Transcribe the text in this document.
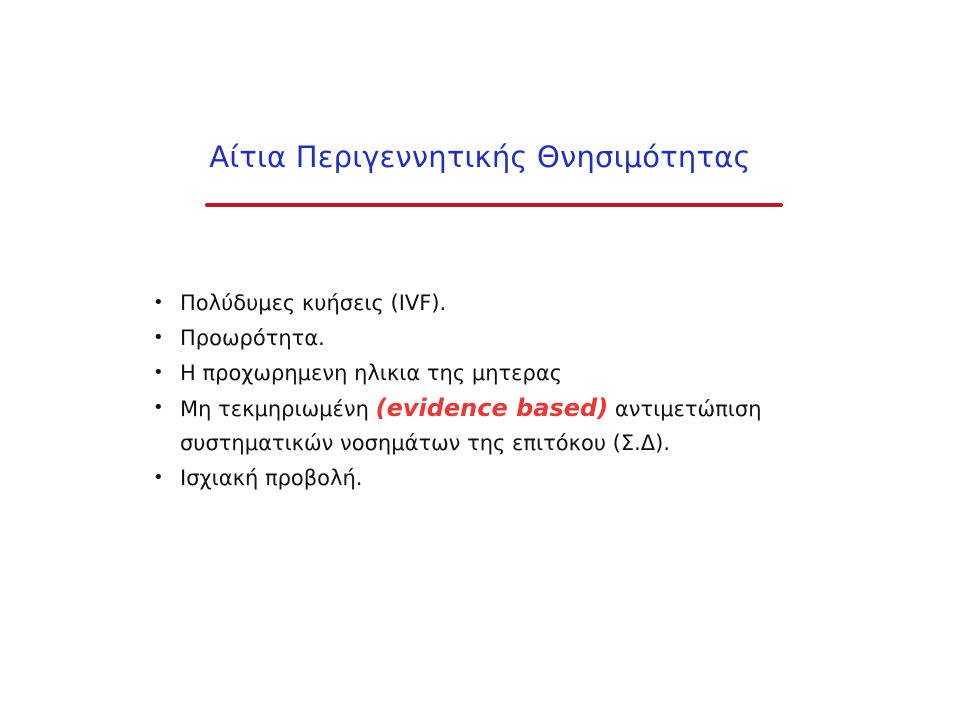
Αίτια Περιγεννητικής Θνησιμότητας
• Πολύδυμες κυήσεις (IVF).
• Προωρότητα.
• Η προχωρημενη ηλικια της μητερας
• Μη τεκμηριωμένη (evidence based) αντιμετώπιση συστηματικών νοσημάτων της επιτόκου (Σ.Δ).
• Ισχιακή προβολή.
